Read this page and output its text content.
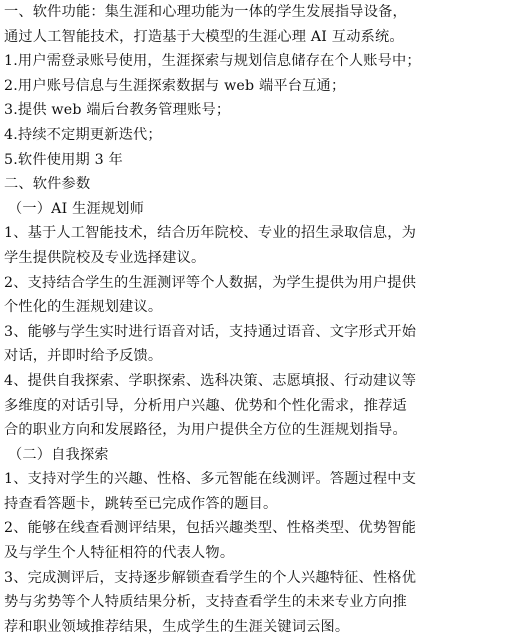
一、软件功能：集生涯和心理功能为一体的学生发展指导设备，
通过人工智能技术，打造基于大模型的生涯心理 AI 互动系统。
1.用户需登录账号使用，生涯探索与规划信息储存在个人账号中；
2.用户账号信息与生涯探索数据与 web 端平台互通；
3.提供 web 端后台教务管理账号；
4.持续不定期更新迭代；
5.软件使用期 3 年
二、软件参数
（一）AI 生涯规划师
1、基于人工智能技术，结合历年院校、专业的招生录取信息，为
学生提供院校及专业选择建议。
2、支持结合学生的生涯测评等个人数据，为学生提供为用户提供
个性化的生涯规划建议。
3、能够与学生实时进行语音对话，支持通过语音、文字形式开始
对话，并即时给予反馈。
4、提供自我探索、学职探索、选科决策、志愿填报、行动建议等
多维度的对话引导，分析用户兴趣、优势和个性化需求，推荐适
合的职业方向和发展路径，为用户提供全方位的生涯规划指导。
（二）自我探索
1、支持对学生的兴趣、性格、多元智能在线测评。答题过程中支
持查看答题卡，跳转至已完成作答的题目。
2、能够在线查看测评结果，包括兴趣类型、性格类型、优势智能
及与学生个人特征相符的代表人物。
3、完成测评后，支持逐步解锁查看学生的个人兴趣特征、性格优
势与劣势等个人特质结果分析，支持查看学生的未来专业方向推
荐和职业领域推荐结果，生成学生的生涯关键词云图。
